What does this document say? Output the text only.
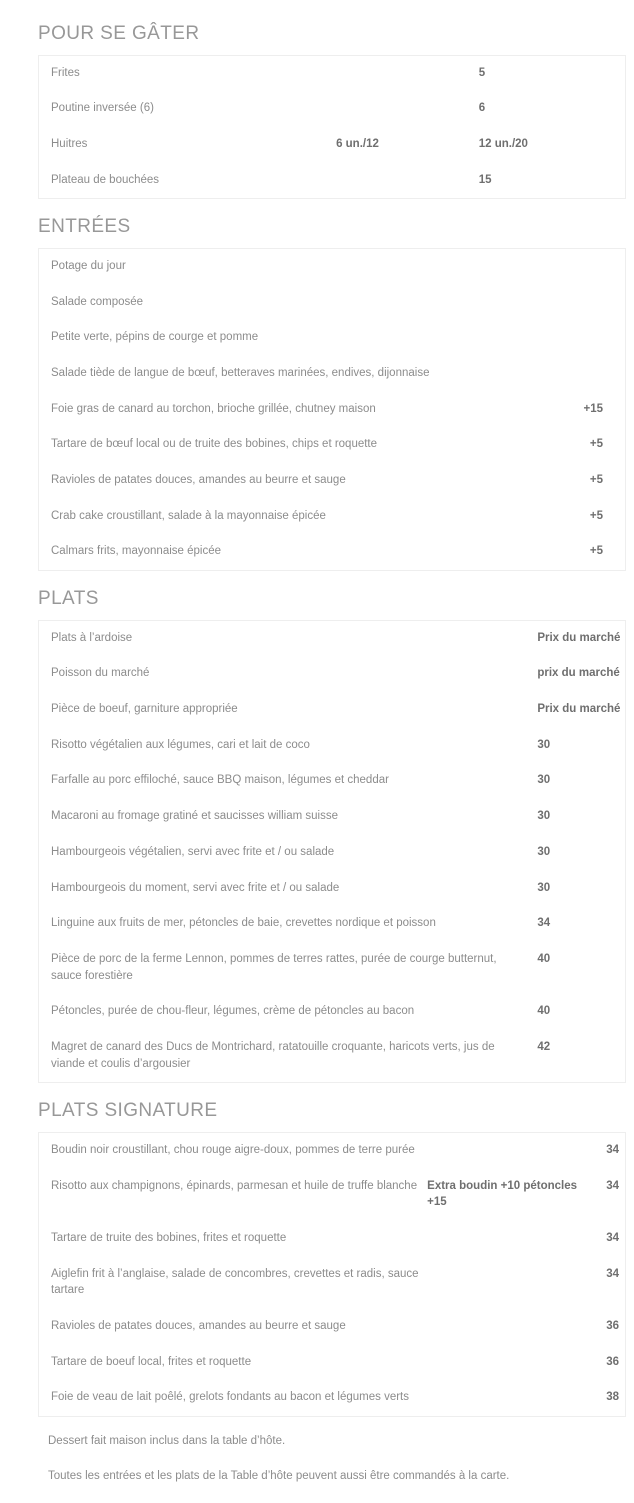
POUR SE GÂTER
Frites		5
Poutine inversée (6)		6
Huitres	6 un./12	12 un./20
Plateau de bouchées		15
ENTRÉES
Potage du jour		
Salade composée		
Petite verte, pépins de courge et pomme		
Salade tiède de langue de bœuf, betteraves marinées, endives, dijonnaise		
Foie gras de canard au torchon, brioche grillée, chutney maison		+15
Tartare de bœuf local ou de truite des bobines, chips et roquette		+5
Ravioles de patates douces, amandes au beurre et sauge		+5
Crab cake croustillant, salade à la mayonnaise épicée		+5
Calmars frits, mayonnaise épicée		+5
PLATS
Plats à l’ardoise		Prix du marché
Poisson du marché		prix du marché
Pièce de boeuf, garniture appropriée		Prix du marché
Risotto végétalien aux légumes, cari et lait de coco		30
Farfalle au porc effiloché, sauce BBQ maison, légumes et cheddar		30
Macaroni au fromage gratiné et saucisses william suisse		30
Hambourgeois végétalien, servi avec frite et / ou salade		30
Hambourgeois du moment, servi avec frite et / ou salade		30
Linguine aux fruits de mer, pétoncles de baie, crevettes nordique et poisson		34
Pièce de porc de la ferme Lennon, pommes de terres rattes, purée de courge butternut, sauce forestière		40
Pétoncles, purée de chou-fleur, légumes, crème de pétoncles au bacon		40
Magret de canard des Ducs de Montrichard, ratatouille croquante, haricots verts, jus de viande et coulis d’argousier		42
PLATS SIGNATURE
Boudin noir croustillant, chou rouge aigre-doux, pommes de terre purée		34
Risotto aux champignons, épinards, parmesan et huile de truffe blanche	Extra boudin +10 pétoncles +15	34
Tartare de truite des bobines, frites et roquette		34
Aiglefin frit à l’anglaise, salade de concombres, crevettes et radis, sauce tartare		34
Ravioles de patates douces, amandes au beurre et sauge		36
Tartare de boeuf local, frites et roquette		36
Foie de veau de lait poêlé, grelots fondants au bacon et légumes verts		38

Dessert fait maison inclus dans la table d’hôte.

Toutes les entrées et les plats de la Table d’hôte peuvent aussi être commandés à la carte.
